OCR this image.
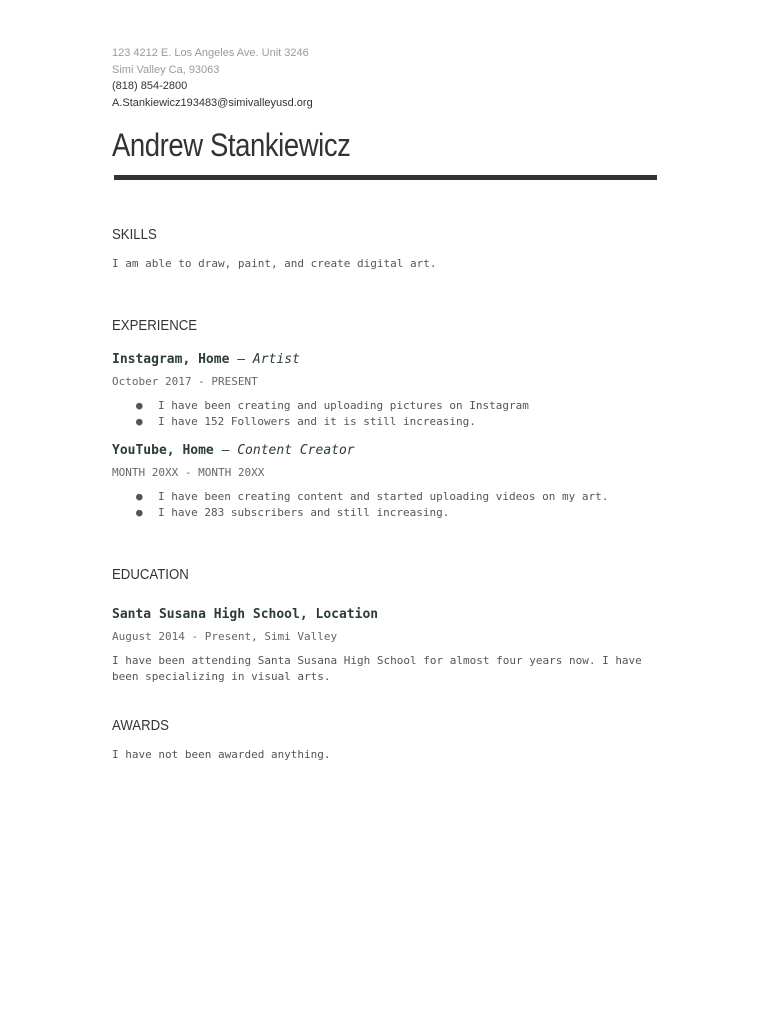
123 4212 E. Los Angeles Ave. Unit 3246
Simi Valley Ca, 93063
(818) 854-2800
A.Stankiewicz193483@simivalleyusd.org
Andrew Stankiewicz
SKILLS
I am able to draw, paint, and create digital art.
EXPERIENCE
Instagram, Home — Artist
October 2017 - PRESENT
● I have been creating and uploading pictures on Instagram
● I have 152 Followers and it is still increasing.
YouTube, Home — Content Creator
MONTH 20XX - MONTH 20XX
● I have been creating content and started uploading videos on my art.
● I have 283 subscribers and still increasing.
EDUCATION
Santa Susana High School, Location
August 2014 - Present, Simi Valley
I have been attending Santa Susana High School for almost four years now. I have been specializing in visual arts.
AWARDS
I have not been awarded anything.
